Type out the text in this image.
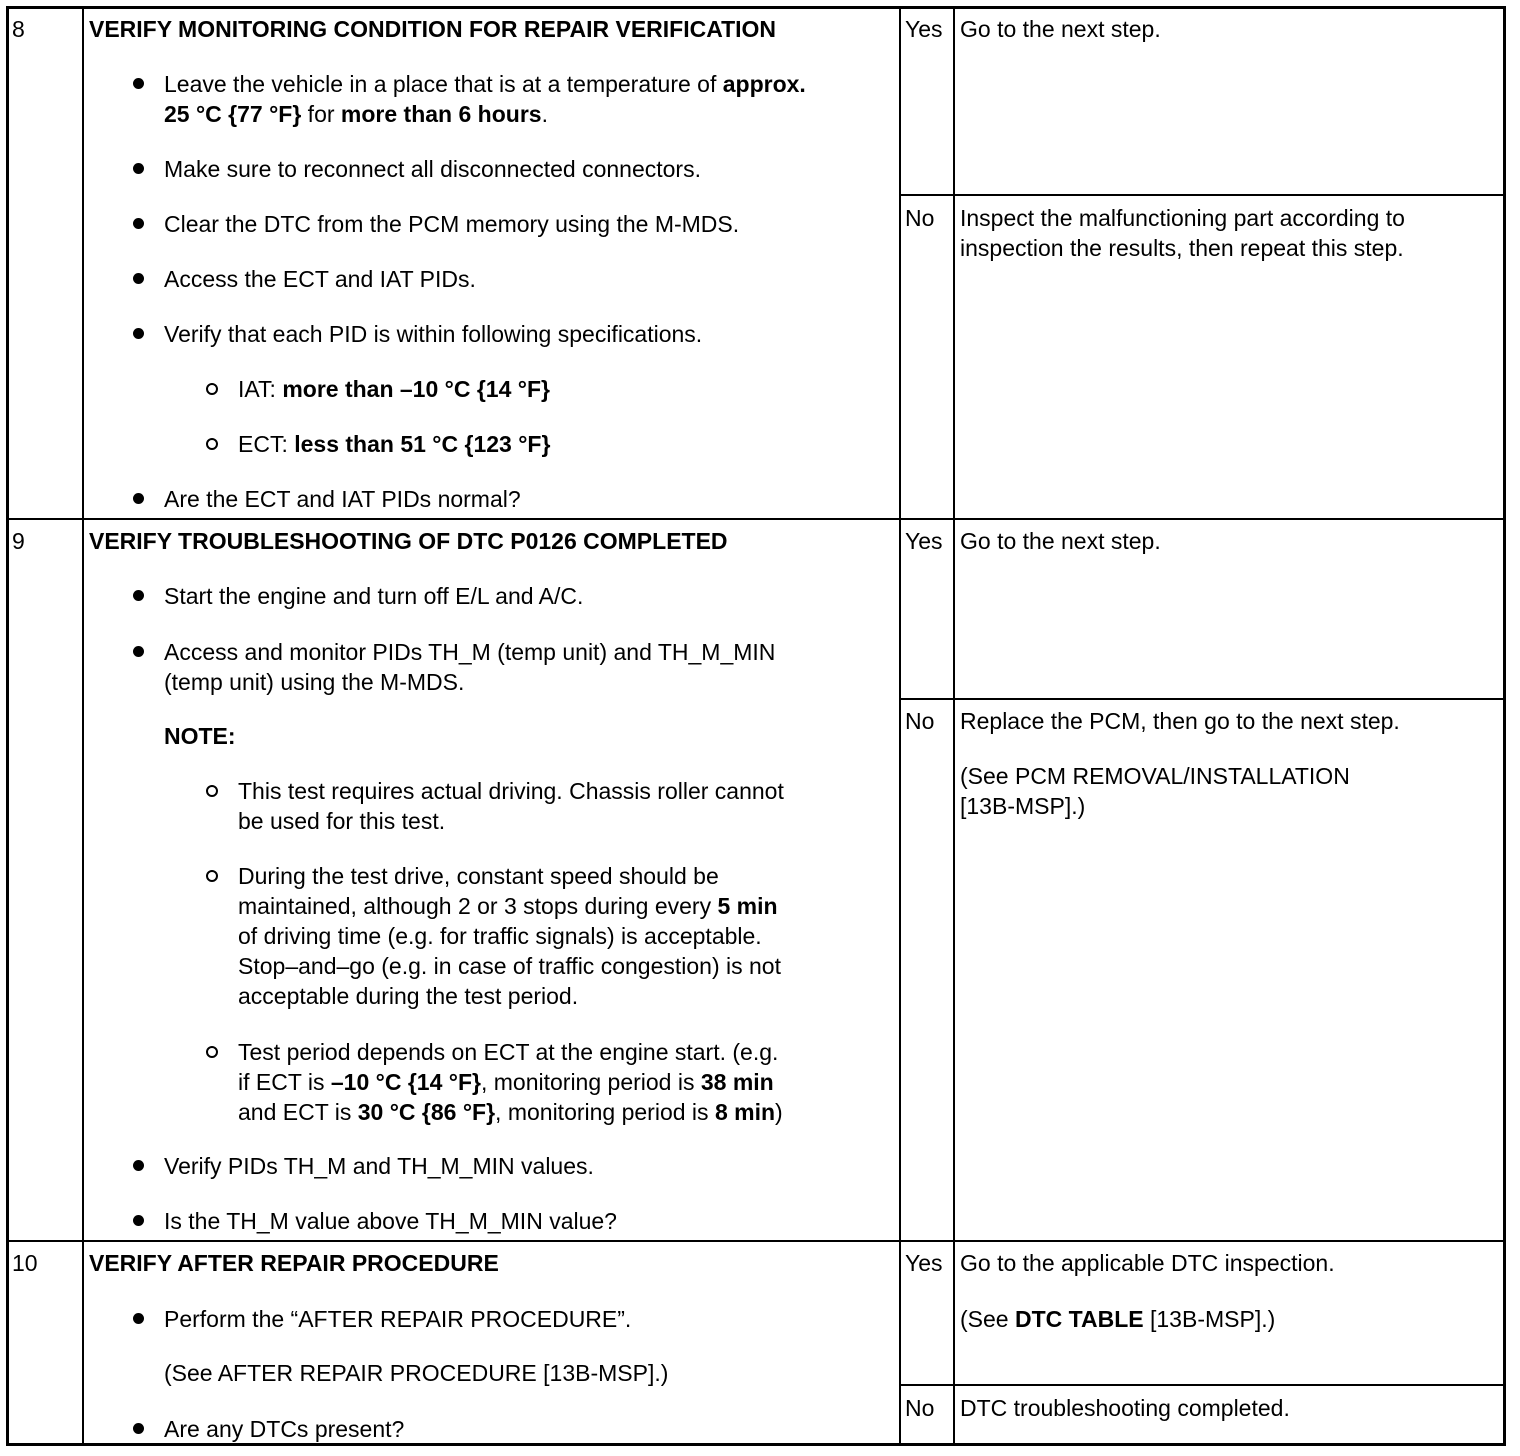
8	VERIFY MONITORING CONDITION FOR REPAIR VERIFICATION
Leave the vehicle in a place that is at a temperature of approx.
25 °C {77 °F} for more than 6 hours.
Make sure to reconnect all disconnected connectors.
Clear the DTC from the PCM memory using the M-MDS.
Access the ECT and IAT PIDs.
Verify that each PID is within following specifications.
IAT: more than –10 °C {14 °F}
ECT: less than 51 °C {123 °F}
Are the ECT and IAT PIDs normal?
Yes Go to the next step.
No Inspect the malfunctioning part according to
inspection the results, then repeat this step.
9	VERIFY TROUBLESHOOTING OF DTC P0126 COMPLETED
Start the engine and turn off E/L and A/C.
Access and monitor PIDs TH_M (temp unit) and TH_M_MIN
(temp unit) using the M-MDS.
NOTE:
This test requires actual driving. Chassis roller cannot
be used for this test.
During the test drive, constant speed should be
maintained, although 2 or 3 stops during every 5 min
of driving time (e.g. for traffic signals) is acceptable.
Stop–and–go (e.g. in case of traffic congestion) is not
acceptable during the test period.
Test period depends on ECT at the engine start. (e.g.
if ECT is –10 °C {14 °F}, monitoring period is 38 min
and ECT is 30 °C {86 °F}, monitoring period is 8 min)
Verify PIDs TH_M and TH_M_MIN values.
Is the TH_M value above TH_M_MIN value?
Yes Go to the next step.
No Replace the PCM, then go to the next step.
(See PCM REMOVAL/INSTALLATION
[13B-MSP].)
10 VERIFY AFTER REPAIR PROCEDURE
Perform the “AFTER REPAIR PROCEDURE”.
(See AFTER REPAIR PROCEDURE [13B-MSP].)
Are any DTCs present?
Yes Go to the applicable DTC inspection.
(See DTC TABLE [13B-MSP].)
No DTC troubleshooting completed.
